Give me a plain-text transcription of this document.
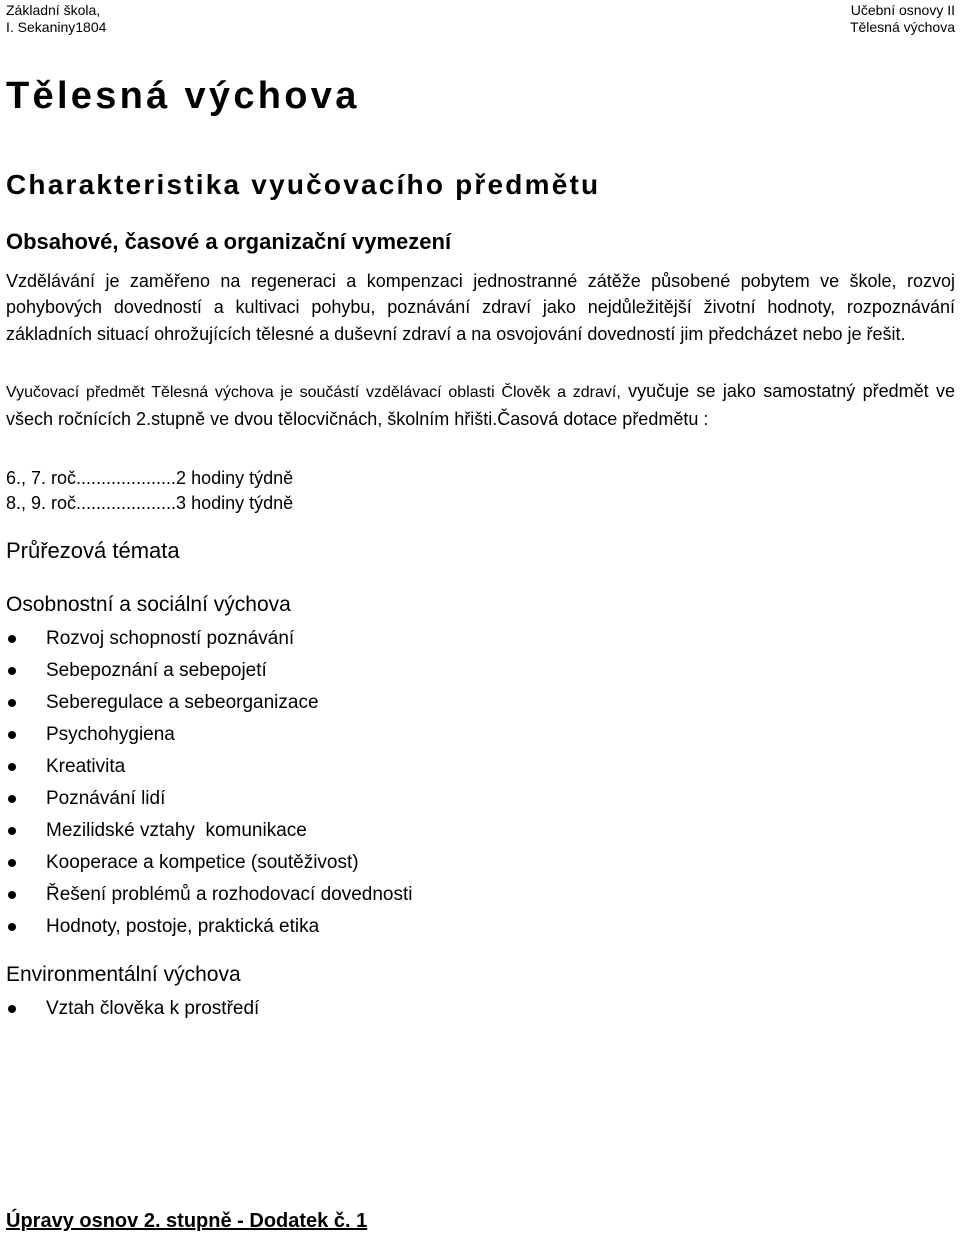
Základní škola,
I. Sekaniny1804
Učební osnovy II
Tělesná výchova
Tělesná výchova
Charakteristika vyučovacího předmětu
Obsahové, časové a organizační vymezení

Vzdělávání je zaměřeno na regeneraci a kompenzaci jednostranné zátěže působené pobytem ve škole, rozvoj pohybových dovedností a kultivaci pohybu, poznávání zdraví jako nejdůležitější životní hodnoty, rozpoznávání základních situací ohrožujících tělesné a duševní zdraví a na osvojování dovedností jim předcházet nebo je řešit.

Vyučovací předmět Tělesná výchova je součástí vzdělávací oblasti Člověk a zdraví, vyučuje se jako samostatný předmět ve všech ročnících 2.stupně ve dvou tělocvičnách, školním hřišti.Časová dotace předmětu :

6., 7. roč....................2 hodiny týdně
8., 9. roč....................3 hodiny týdně
Průřezová témata
Osobnostní a sociální výchova
Rozvoj schopností poznávání
Sebepoznání a sebepojetí
Seberegulace a sebeorganizace
Psychohygiena
Kreativita
Poznávání lidí
Mezilidské vztahy  komunikace
Kooperace a kompetice (soutěživost)
Řešení problémů a rozhodovací dovednosti
Hodnoty, postoje, praktická etika
Environmentální výchova
Vztah člověka k prostředí
Úpravy osnov 2. stupně - Dodatek č. 1
